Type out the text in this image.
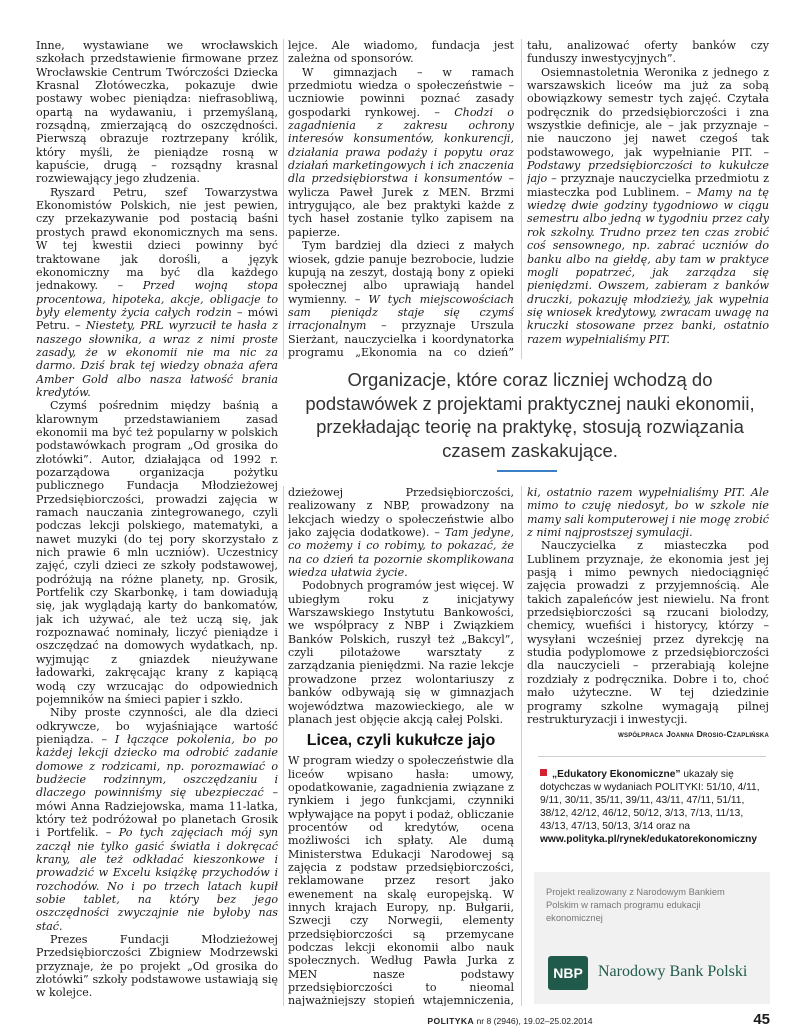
Inne, wystawiane we wrocławskich szkołach przedstawienie firmowane przez Wrocławskie Centrum Twórczości Dziecka Krasnal Złotóweczka, pokazuje dwie postawy wobec pieniądza: niefrasobliwą, opartą na wydawaniu, i przemyślaną, rozsądną, zmierzającą do oszczędności. Pierwszą obrazuje roztrzepany królik, który myśli, że pieniądze rosną w kapuście, drugą – rozsądny krasnal rozwiewający jego złudzenia.

Ryszard Petru, szef Towarzystwa Ekonomistów Polskich, nie jest pewien, czy przekazywanie pod postacią baśni prostych prawd ekonomicznych ma sens. W tej kwestii dzieci powinny być traktowane jak dorośli, a język ekonomiczny ma być dla każdego jednakowy. – Przed wojną stopa procentowa, hipoteka, akcje, obligacje to były elementy życia całych rodzin – mówi Petru. – Niestety, PRL wyrzucił te hasła z naszego słownika, a wraz z nimi proste zasady, że w ekonomii nie ma nic za darmo. Dziś brak tej wiedzy obnaża afera Amber Gold albo nasza łatwość brania kredytów.

Czymś pośrednim między baśnią a klarownym przedstawianiem zasad ekonomii ma być też popularny w polskich podstawówkach program „Od grosika do złotówki”. Autor, działająca od 1992 r. pozarządowa organizacja pożytku publicznego Fundacja Młodzieżowej Przedsiębiorczości, prowadzi zajęcia w ramach nauczania zintegrowanego, czyli podczas lekcji polskiego, matematyki, a nawet muzyki (do tej pory skorzystało z nich prawie 6 mln uczniów). Uczestnicy zajęć, czyli dzieci ze szkoły podstawowej, podróżują na różne planety, np. Grosik, Portfelik czy Skarbonkę, i tam dowiadują się, jak wyglądają karty do bankomatów, jak ich używać, ale też uczą się, jak rozpoznawać nominały, liczyć pieniądze i oszczędzać na domowych wydatkach, np. wyjmując z gniazdek nieużywane ładowarki, zakręcając krany z kapiącą wodą czy wrzucając do odpowiednich pojemników na śmieci papier i szkło.

Niby proste czynności, ale dla dzieci odkrywcze, bo wyjaśniające wartość pieniądza. – I łączące pokolenia, bo po każdej lekcji dziecko ma odrobić zadanie domowe z rodzicami, np. porozmawiać o budżecie rodzinnym, oszczędzaniu i dlaczego powinniśmy się ubezpieczać – mówi Anna Radziejowska, mama 11-latka, który też podróżował po planetach Grosik i Portfelik. – Po tych zajęciach mój syn zaczął nie tylko gasić światła i dokręcać krany, ale też odkładać kieszonkowe i prowadzić w Excelu książkę przychodów i rozchodów. No i po trzech latach kupił sobie tablet, na który bez jego oszczędności zwyczajnie nie byłoby nas stać.

Prezes Fundacji Młodzieżowej Przedsiębiorczości Zbigniew Modrzewski przyznaje, że po projekt „Od grosika do złotówki” szkoły podstawowe ustawiają się w kolejce.

lejce. Ale wiadomo, fundacja jest zależna od sponsorów.

W gimnazjach – w ramach przedmiotu wiedza o społeczeństwie – uczniowie powinni poznać zasady gospodarki rynkowej. – Chodzi o zagadnienia z zakresu ochrony interesów konsumentów, konkurencji, działania prawa podaży i popytu oraz działań marketingowych i ich znaczenia dla przedsiębiorstwa i konsumentów – wylicza Paweł Jurek z MEN. Brzmi intrygująco, ale bez praktyki każde z tych haseł zostanie tylko zapisem na papierze.

Tym bardziej dla dzieci z małych wiosek, gdzie panuje bezrobocie, ludzie kupują na zeszyt, dostają bony z opieki społecznej albo uprawiają handel wymienny. – W tych miejscowościach sam pieniądz staje się czymś irracjonalnym – przyznaje Urszula Sierżant, nauczycielka i koordynatorka programu „Ekonomia na co dzień”

tału, analizować oferty banków czy funduszy inwestycyjnych”.

Osiemnastoletnia Weronika z jednego z warszawskich liceów ma już za sobą obowiązkowy semestr tych zajęć. Czytała podręcznik do przedsiębiorczości i zna wszystkie definicje, ale – jak przyznaje – nie nauczono jej nawet czegoś tak podstawowego, jak wypełnianie PIT. – Podstawy przedsiębiorczości to kukułcze jajo – przyznaje nauczycielka przedmiotu z miasteczka pod Lublinem. – Mamy na tę wiedzę dwie godziny tygodniowo w ciągu semestru albo jedną w tygodniu przez cały rok szkolny. Trudno przez ten czas zrobić coś sensownego, np. zabrać uczniów do banku albo na giełdę, aby tam w praktyce mogli popatrzeć, jak zarządza się pieniędzmi. Owszem, zabieram z banków druczki, pokazuję młodzieży, jak wypełnia się wniosek kredytowy, zwracam uwagę na kruczki stosowane przez banki, ostatnio razem wypełnialiśmy PIT.

Organizacje, które coraz liczniej wchodzą do podstawówek z projektami praktycznej nauki ekonomii, przekładając teorię na praktykę, stosują rozwiązania czasem zaskakujące.

dzieżowej Przedsiębiorczości, realizowany z NBP, prowadzony na lekcjach wiedzy o społeczeństwie albo jako zajęcia dodatkowe). – Tam jedyne, co możemy i co robimy, to pokazać, że na co dzień ta pozornie skomplikowana wiedza ułatwia życie.

Podobnych programów jest więcej. W ubiegłym roku z inicjatywy Warszawskiego Instytutu Bankowości, we współpracy z NBP i Związkiem Banków Polskich, ruszył też „Bakcyl”, czyli pilotażowe warsztaty z zarządzania pieniędzmi. Na razie lekcje prowadzone przez wolontariuszy z banków odbywają się w gimnazjach województwa mazowieckiego, ale w planach jest objęcie akcją całej Polski.

Licea, czyli kukułcze jajo

W program wiedzy o społeczeństwie dla liceów wpisano hasła: umowy, opodatkowanie, zagadnienia związane z rynkiem i jego funkcjami, czynniki wpływające na popyt i podaż, obliczanie procentów od kredytów, ocena możliwości ich spłaty. Ale dumą Ministerstwa Edukacji Narodowej są zajęcia z podstaw przedsiębiorczości, reklamowane przez resort jako ewenement na skalę europejską. W innych krajach Europy, np. Bułgarii, Szwecji czy Norwegii, elementy przedsiębiorczości są przemycane podczas lekcji ekonomii albo nauk społecznych. Według Pawła Jurka z MEN nasze podstawy przedsiębiorczości to nieomal najważniejszy stopień wtajemniczenia,

ki, ostatnio razem wypełnialiśmy PIT. Ale mimo to czuję niedosyt, bo w szkole nie mamy sali komputerowej i nie mogę zrobić z nimi najprostszej symulacji.

Nauczycielka z miasteczka pod Lublinem przyznaje, że ekonomia jest jej pasją i mimo pewnych niedociągnięć zajęcia prowadzi z przyjemnością. Ale takich zapaleńców jest niewielu. Na front przedsiębiorczości są rzucani biolodzy, chemicy, wuefiści i historycy, którzy – wysyłani wcześniej przez dyrekcję na studia podyplomowe z przedsiębiorczości dla nauczycieli – przerabiają kolejne rozdziały z podręcznika. Dobre i to, choć mało użyteczne. W tej dziedzinie programy szkolne wymagają pilnej restrukturyzacji i inwestycji.

współpraca Joanna Drosio-Czaplińska
„Edukatory Ekonomiczne” ukazały się dotychczas w wydaniach POLITYKI: 51/10, 4/11, 9/11, 30/11, 35/11, 39/11, 43/11, 47/11, 51/11, 38/12, 42/12, 46/12, 50/12, 3/13, 7/13, 11/13, 43/13, 47/13, 50/13, 3/14 oraz na www.polityka.pl/rynek/edukatorekonomiczny
Projekt realizowany z Narodowym Bankiem Polskim w ramach programu edukacji ekonomicznej
NBP Narodowy Bank Polski
POLITYKA nr 8 (2946), 19.02–25.02.2014	45
